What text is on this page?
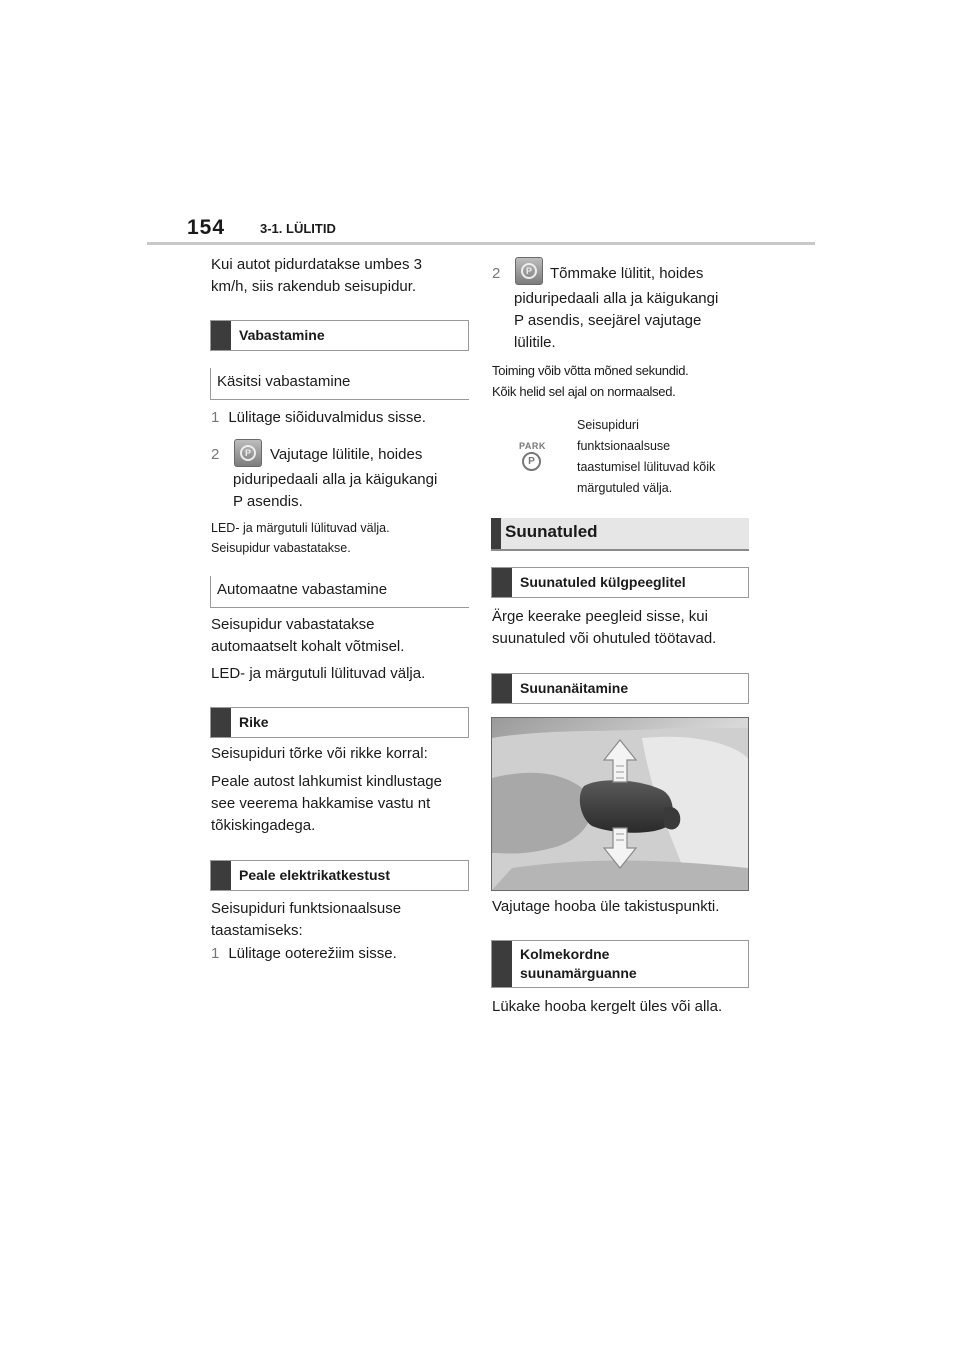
154	3-1. LÜLITID
Kui autot pidurdatakse umbes 3
km/h, siis rakendub seisupidur.
Vabastamine
Käsitsi vabastamine
1 Lülitage siõiduvalmidus sisse.
2	P	Vajutage lülitile, hoides
piduripedaali alla ja käigukangi
P asendis.
LED- ja märgutuli lülituvad välja.
Seisupidur vabastatakse.
Automaatne vabastamine
Seisupidur vabastatakse
automaatselt kohalt võtmisel.
LED- ja märgutuli lülituvad välja.
Rike
Seisupiduri tõrke või rikke korral:
Peale autost lahkumist kindlustage
see veerema hakkamise vastu nt
tõkiskingadega.
Peale elektrikatkestust
Seisupiduri funktsionaalsuse
taastamiseks:
1 Lülitage ooterežiim sisse.
2	P	Tõmmake lülitit, hoides
piduripedaali alla ja käigukangi
P asendis, seejärel vajutage
lülitile.
Toiming võib võtta mõned sekundid.
Kõik helid sel ajal on normaalsed.
PARK
P
Seisupiduri
funktsionaalsuse
taastumisel lülituvad kõik
märgutuled välja.
Suunatuled
Suunatuled külgpeeglitel
Ärge keerake peegleid sisse, kui
suunatuled või ohutuled töötavad.
Suunanäitamine
Vajutage hooba üle takistuspunkti.
Kolmekordne
suunamärguanne
Lükake hooba kergelt üles või alla.
